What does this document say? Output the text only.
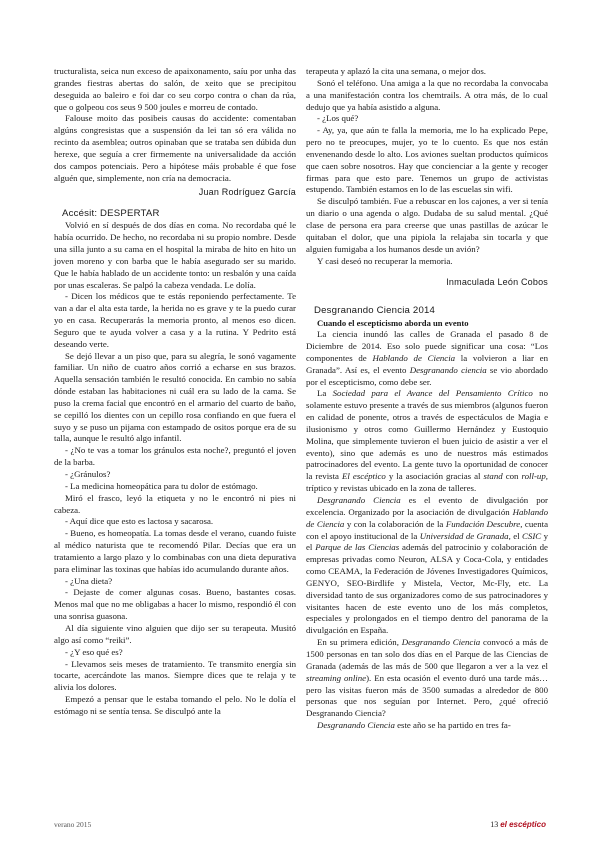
tructuralista, seica nun exceso de apaixonamento, saíu por unha das grandes fiestras abertas do salón, de xeito que se precipitou deseguida ao baleiro e foi dar co seu corpo contra o chan da rúa, que o golpeou cos seus 9 500 joules e morreu de contado.

Falouse moito das posibeis causas do accidente: comentaban algúns congresistas que a suspensión da lei tan só era válida no recinto da asemblea; outros opinaban que se trataba sen dúbida dun herexe, que seguía a crer firmemente na universalidade da acción dos campos potenciais. Pero a hipótese máis probable é que fose alguén que, simplemente, non cría na democracia.

Juan Rodríguez García
Accésit: DESPERTAR

Volvió en sí después de dos días en coma. No recordaba qué le había ocurrido. De hecho, no recordaba ni su propio nombre. Desde una silla junto a su cama en el hospital la miraba de hito en hito un joven moreno y con barba que le había asegurado ser su marido. Que le había hablado de un accidente tonto: un resbalón y una caída por unas escaleras. Se palpó la cabeza vendada. Le dolía.

- Dicen los médicos que te estás reponiendo perfectamente. Te van a dar el alta esta tarde, la herida no es grave y te la puedo curar yo en casa. Recuperarás la memoria pronto, al menos eso dicen. Seguro que te ayuda volver a casa y a la rutina. Y Pedrito está deseando verte.

Se dejó llevar a un piso que, para su alegría, le sonó vagamente familiar. Un niño de cuatro años corrió a echarse en sus brazos. Aquella sensación también le resultó conocida. En cambio no sabía dónde estaban las habitaciones ni cuál era su lado de la cama. Se puso la crema facial que encontró en el armario del cuarto de baño, se cepilló los dientes con un cepillo rosa confiando en que fuera el suyo y se puso un pijama con estampado de ositos porque era de su talla, aunque le resultó algo infantil.

- ¿No te vas a tomar los gránulos esta noche?, preguntó el joven de la barba.

- ¿Gránulos?

- La medicina homeopática para tu dolor de estómago.

Miró el frasco, leyó la etiqueta y no le encontró ni pies ni cabeza.

- Aquí dice que esto es lactosa y sacarosa.

- Bueno, es homeopatía. La tomas desde el verano, cuando fuiste al médico naturista que te recomendó Pilar. Decías que era un tratamiento a largo plazo y lo combinabas con una dieta depurativa para eliminar las toxinas que habías ido acumulando durante años.

- ¿Una dieta?

- Dejaste de comer algunas cosas. Bueno, bastantes cosas. Menos mal que no me obligabas a hacer lo mismo, respondió él con una sonrisa guasona.

Al día siguiente vino alguien que dijo ser su terapeuta. Musitó algo así como “reiki”.

- ¿Y eso qué es?

- Llevamos seis meses de tratamiento. Te transmito energía sin tocarte, acercándote las manos. Siempre dices que te relaja y te alivia los dolores.

Empezó a pensar que le estaba tomando el pelo. No le dolía el estómago ni se sentía tensa. Se disculpó ante la

terapeuta y aplazó la cita una semana, o mejor dos.

Sonó el teléfono. Una amiga a la que no recordaba la convocaba a una manifestación contra los chemtrails. A otra más, de lo cual dedujo que ya había asistido a alguna.

- ¿Los qué?

- Ay, ya, que aún te falla la memoria, me lo ha explicado Pepe, pero no te preocupes, mujer, yo te lo cuento. Es que nos están envenenando desde lo alto. Los aviones sueltan productos químicos que caen sobre nosotros. Hay que concienciar a la gente y recoger firmas para que esto pare. Tenemos un grupo de activistas estupendo. También estamos en lo de las escuelas sin wifi.

Se disculpó también. Fue a rebuscar en los cajones, a ver si tenía un diario o una agenda o algo. Dudaba de su salud mental. ¿Qué clase de persona era para creerse que unas pastillas de azúcar le quitaban el dolor, que una pipiola la relajaba sin tocarla y que alguien fumigaba a los humanos desde un avión?

Y casi deseó no recuperar la memoria.

Inmaculada León Cobos
Desgranando Ciencia 2014
Cuando el escepticismo aborda un evento

La ciencia inundó las calles de Granada el pasado 8 de Diciembre de 2014. Eso solo puede significar una cosa: “Los componentes de Hablando de Ciencia la volvieron a liar en Granada”. Así es, el evento Desgranando ciencia se vio abordado por el escepticismo, como debe ser.

La Sociedad para el Avance del Pensamiento Crítico no solamente estuvo presente a través de sus miembros (algunos fueron en calidad de ponente, otros a través de espectáculos de Magia e ilusionismo y otros como Guillermo Hernández y Eustoquio Molina, que simplemente tuvieron el buen juicio de asistir a ver el evento), sino que además es uno de nuestros más estimados patrocinadores del evento. La gente tuvo la oportunidad de conocer la revista El escéptico y la asociación gracias al stand con roll-up, tríptico y revistas ubicado en la zona de talleres.

Desgranando Ciencia es el evento de divulgación por excelencia. Organizado por la asociación de divulgación Hablando de Ciencia y con la colaboración de la Fundación Descubre, cuenta con el apoyo institucional de la Universidad de Granada, el CSIC y el Parque de las Ciencias además del patrocinio y colaboración de empresas privadas como Neuron, ALSA y Coca-Cola, y entidades como CEAMA, la Federación de Jóvenes Investigadores Químicos, GENYO, SEO-Birdlife y Mistela, Vector, Mc-Fly, etc. La diversidad tanto de sus organizadores como de sus patrocinadores y visitantes hacen de este evento uno de los más completos, especiales y prolongados en el tiempo dentro del panorama de la divulgación en España.

En su primera edición, Desgranando Ciencia convocó a más de 1500 personas en tan solo dos días en el Parque de las Ciencias de Granada (además de las más de 500 que llegaron a ver a la vez el streaming online). En esta ocasión el evento duró una tarde más… pero las visitas fueron más de 3500 sumadas a alrededor de 800 personas que nos seguían por Internet. Pero, ¿qué ofreció Desgranando Ciencia?

Desgranando Ciencia este año se ha partido en tres fa-

verano 2015	13 el escéptico
